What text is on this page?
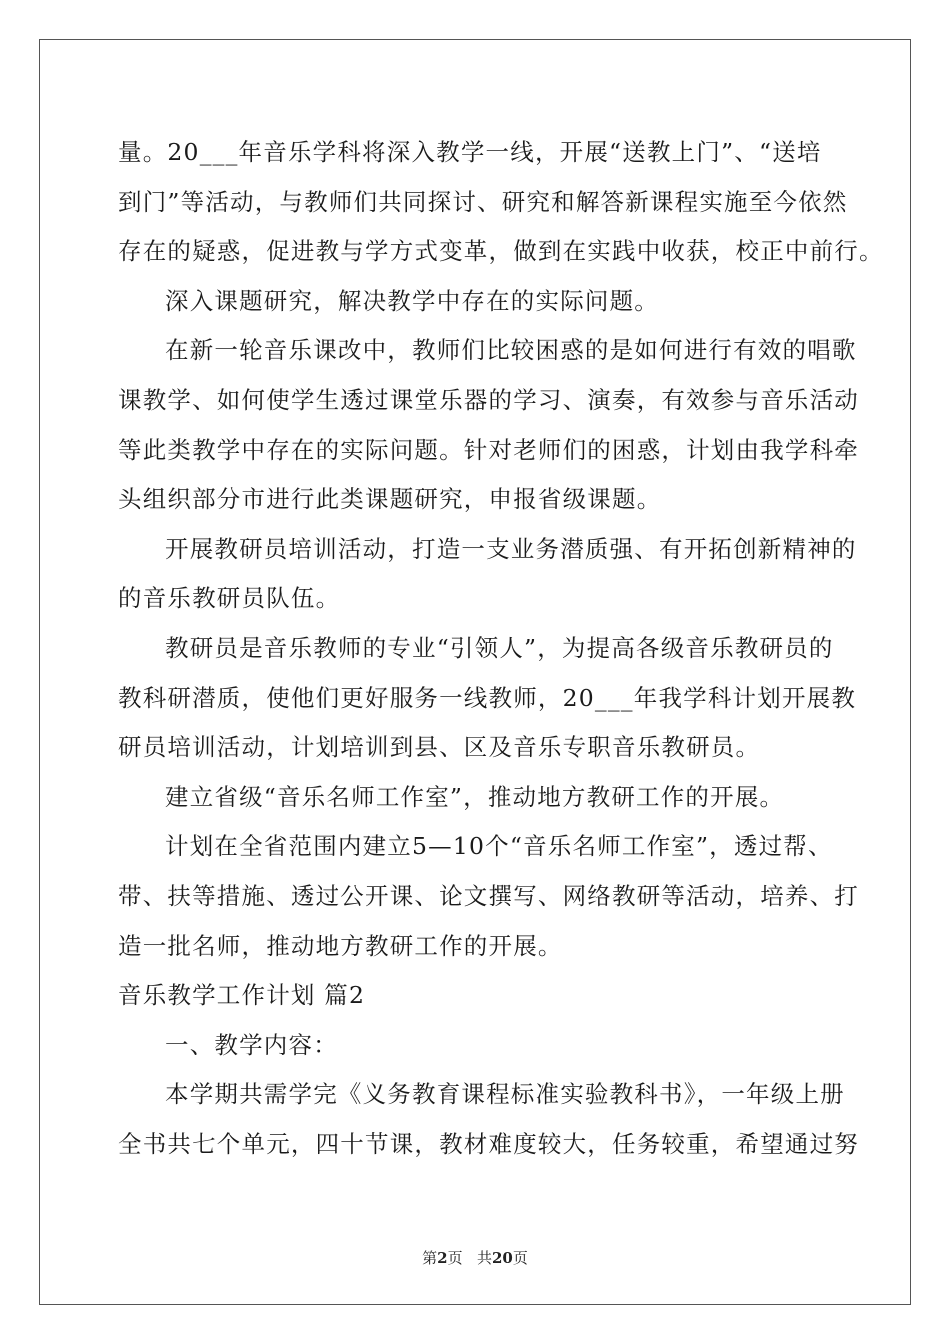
量。20___年音乐学科将深入教学一线，开展“送教上门”、“送培
到门”等活动，与教师们共同探讨、研究和解答新课程实施至今依然
存在的疑惑，促进教与学方式变革，做到在实践中收获，校正中前行。
深入课题研究，解决教学中存在的实际问题。
在新一轮音乐课改中，教师们比较困惑的是如何进行有效的唱歌
课教学、如何使学生透过课堂乐器的学习、演奏，有效参与音乐活动
等此类教学中存在的实际问题。针对老师们的困惑，计划由我学科牵
头组织部分市进行此类课题研究，申报省级课题。
开展教研员培训活动，打造一支业务潜质强、有开拓创新精神的
的音乐教研员队伍。
教研员是音乐教师的专业“引领人”，为提高各级音乐教研员的
教科研潜质，使他们更好服务一线教师，20___年我学科计划开展教
研员培训活动，计划培训到县、区及音乐专职音乐教研员。
建立省级“音乐名师工作室”，推动地方教研工作的开展。
计划在全省范围内建立5—10个“音乐名师工作室”，透过帮、
带、扶等措施、透过公开课、论文撰写、网络教研等活动，培养、打
造一批名师，推动地方教研工作的开展。
音乐教学工作计划 篇2
一、教学内容：
本学期共需学完《义务教育课程标准实验教科书》，一年级上册
全书共七个单元，四十节课，教材难度较大，任务较重，希望通过努
第2页 共20页
